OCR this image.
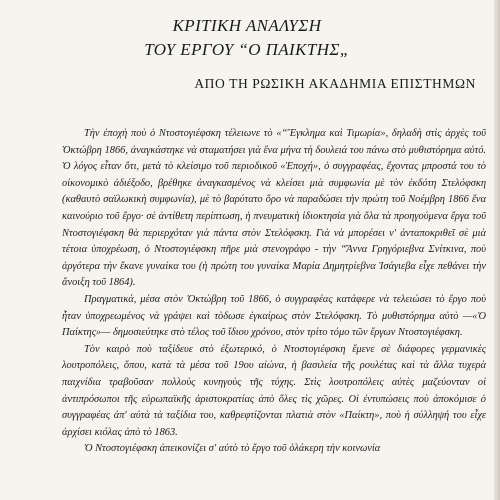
ΚΡΙΤΙΚΗ ΑΝΑΛΥΣΗ
ΤΟΥ ΕΡΓΟΥ “Ο ΠΑΙΚΤΗΣ„
ΑΠΟ ΤΗ ΡΩΣΙΚΗ ΑΚΑΔΗΜΙΑ ΕΠΙΣΤΗΜΩΝ

Τὴν ἐποχὴ ποὺ ὁ Ντοστογιέφσκη τέλειωνε τὸ «“Ἔγκλημα καὶ Τιμωρία», δηλαδὴ στὶς ἀρχὲς τοῦ Ὀκτώβρη 1866, ἀναγκάστηκε νὰ σταματήσει γιὰ ἕνα μήνα τὴ δουλειά του πάνω στὸ μυθιστόρημα αὐτό. Ὁ λόγος εἶταν ὅτι, μετὰ τὸ κλείσιμο τοῦ περιοδικοῦ «Ἐποχή», ὁ συγγραφέας, ἔχοντας μπροστά του τὸ οἰκονομικὸ ἀδιέξοδο, βρέθηκε ἀναγκασμένος νὰ κλείσει μιὰ συμφωνία μὲ τὸν ἐκδότη Στελόφσκη (καθαυτὸ σαϊλωκικὴ συμφωνία), μὲ τὸ βαρύτατο ὅρο νὰ παραδώσει τὴν πρώτη τοῦ Νοέμβρη 1866 ἕνα καινούριο τοῦ ἔργο· σὲ ἀντίθετη περίπτωση, ἡ πνευματικὴ ἰδιοκτησία γιὰ ὅλα τὰ προηγούμενα ἔργα τοῦ Ντοστογιέφσκη θὰ περιερχόταν γιὰ πάντα στὸν Στελόφσκη. Γιὰ νὰ μπορέσει ν' ἀνταποκριθεῖ σὲ μιὰ τέτοια ὑποχρέωση, ὁ Ντοστογιέφσκη πῆρε μιὰ στενογράφο - τὴν “Ἄννα Γρηγόριεβνα Σνίτκινα, ποὺ ἀργότερα τὴν ἔκανε γυναίκα του (ἡ πρώτη του γυναίκα Μαρία Δημητρίεβνα Ἰσάγιεβα εἶχε πεθάνει τὴν ἄνοιξη τοῦ 1864).

Πραγματικά, μέσα στὸν Ὀκτώβρη τοῦ 1866, ὁ συγγραφέας κατάφερε νὰ τελειώσει τὸ ἔργο ποὺ ἦταν ὑποχρεωμένος νὰ γράψει καὶ τὸδωσε ἐγκαίρως στὸν Στελόφσκη. Τὸ μυθιστόρημα αὐτὸ —«Ὁ Παίκτης»— δημοσιεύτηκε στὸ τέλος τοῦ ἴδιου χρόνου, στὸν τρίτο τόμο τῶν ἔργων Ντοστογιέφσκη.

Τὸν καιρὸ ποὺ ταξίδευε στὸ ἐξωτερικό, ὁ Ντοστογιέφσκη ἔμενε σὲ διάφορες γερμανικὲς λουτροπόλεις, ὅπου, κατὰ τὰ μέσα τοῦ 19ου αἰώνα, ἡ βασιλεία τῆς ρουλέτας καὶ τὰ ἄλλα τυχερὰ παιχνίδια τραβοῦσαν πολλοὺς κυνηγοὺς τῆς τύχης. Στὶς λουτροπόλεις αὐτὲς μαζεύονταν οἱ ἀντιπρόσωποι τῆς εὐρωπαϊκῆς ἀριστοκρατίας ἀπὸ ὅλες τὶς χῶρες. Οἱ ἐντυπώσεις ποὺ ἀποκόμισε ὁ συγγραφέας ἀπ' αὐτὰ τὰ ταξίδια του, καθρεφτίζονται πλατιὰ στὸν «Παίκτη», ποὺ ἡ σύλληψή του εἶχε ἀρχίσει κιόλας ἀπὸ τὸ 1863.

Ὁ Ντοστογιέφσκη ἀπεικονίζει σ' αὐτὸ τὸ ἔργο τοῦ ὁλάκερη τὴν κοινωνία
